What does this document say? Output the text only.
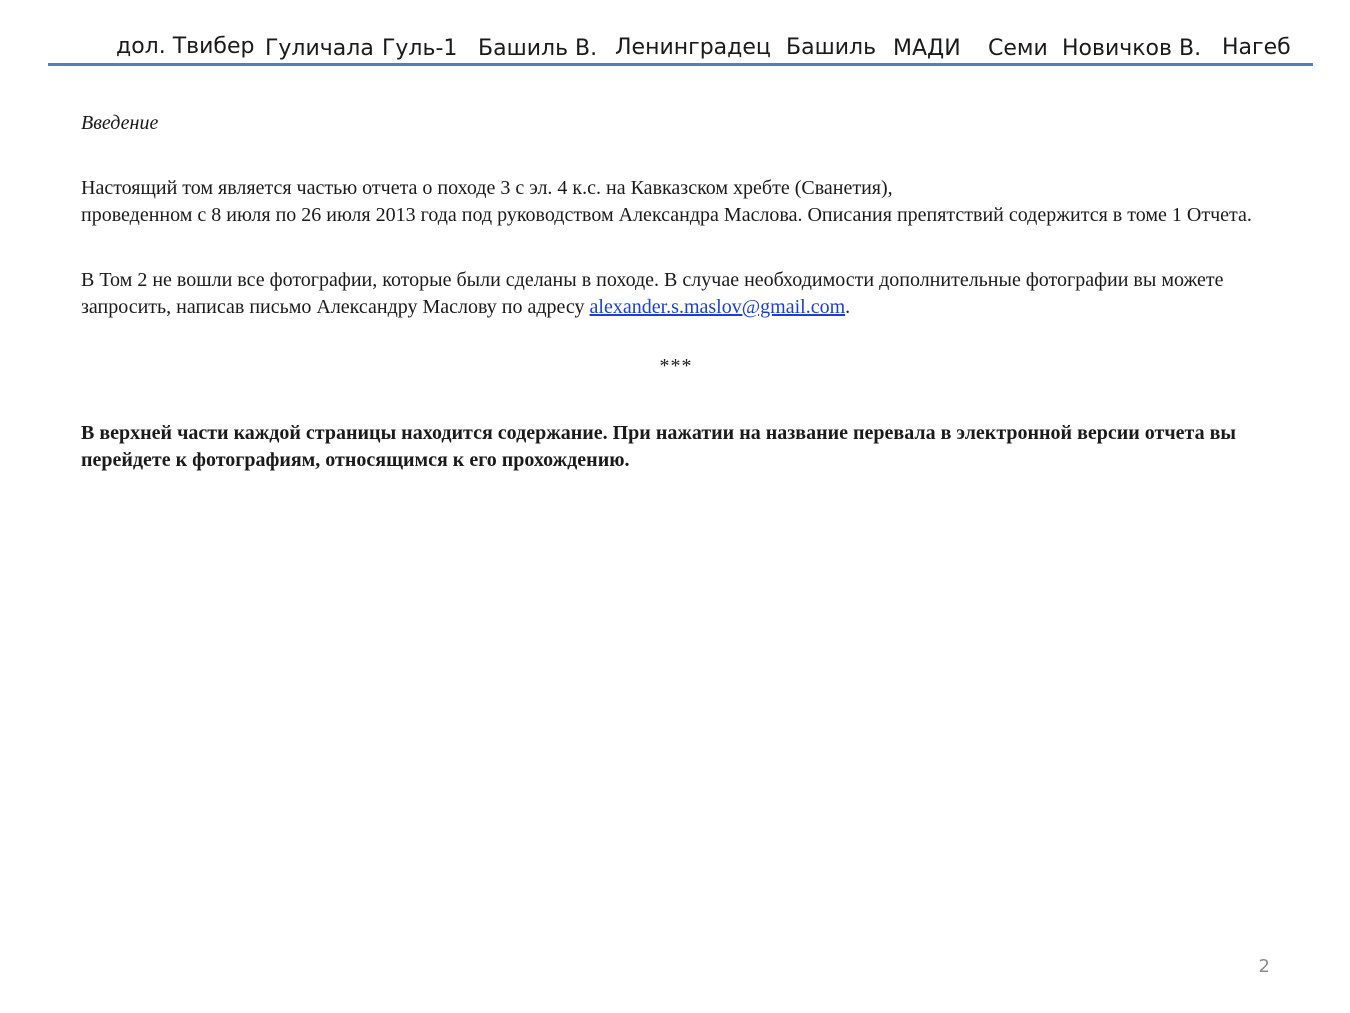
дол. Твибер Гуличала Гуль-1 Башиль В. Ленинградец Башиль МАДИ Семи Новичков В. Нагеб
Введение

Настоящий том является частью отчета о походе 3 с эл. 4 к.с. на Кавказском хребте (Сванетия),

проведенном с 8 июля по 26 июля 2013 года под руководством Александра Маслова. Описания препятствий содержится в томе 1 Отчета.

В Том 2 не вошли все фотографии, которые были сделаны в походе. В случае необходимости дополнительные фотографии вы можете запросить, написав письмо Александру Маслову по адресу alexander.s.maslov@gmail.com.
***

В верхней части каждой страницы находится содержание. При нажатии на название перевала в электронной версии отчета вы перейдете к фотографиям, относящимся к его прохождению.

2
